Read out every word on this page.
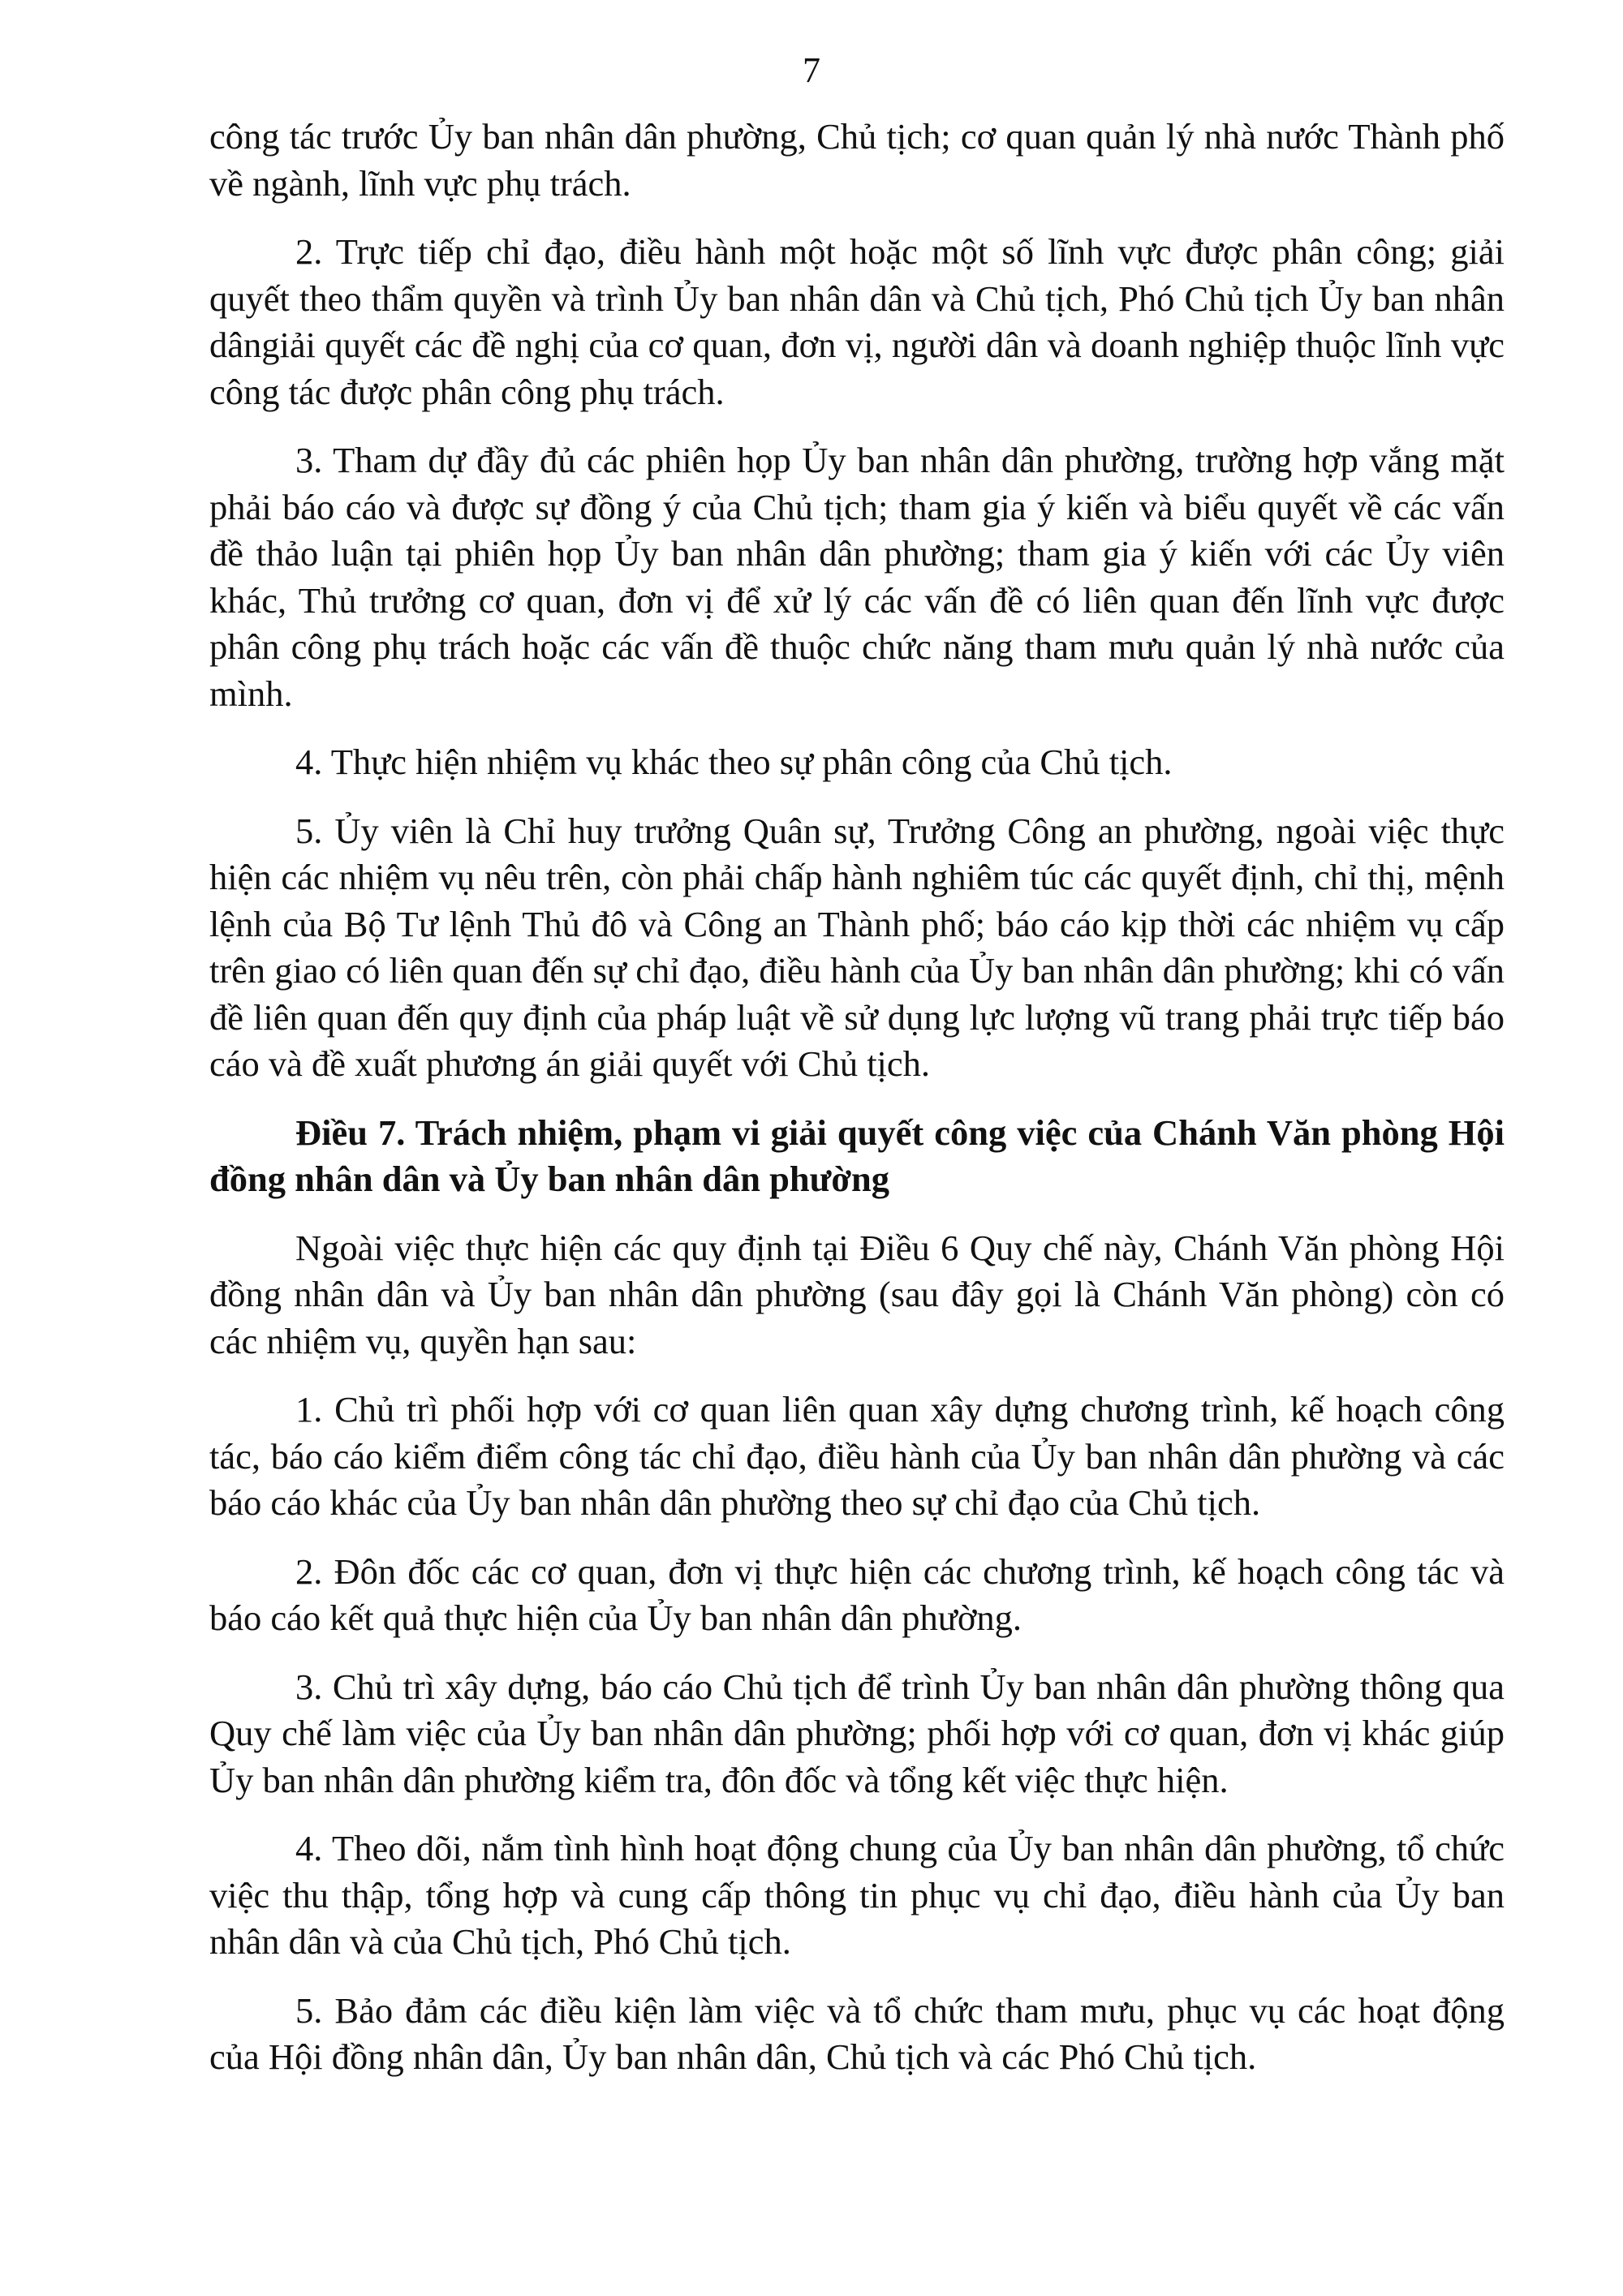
7

công tác trước Ủy ban nhân dân phường, Chủ tịch; cơ quan quản lý nhà nước Thành phố về ngành, lĩnh vực phụ trách.

2. Trực tiếp chỉ đạo, điều hành một hoặc một số lĩnh vực được phân công; giải quyết theo thẩm quyền và trình Ủy ban nhân dân và Chủ tịch, Phó Chủ tịch Ủy ban nhân dângiải quyết các đề nghị của cơ quan, đơn vị, người dân và doanh nghiệp thuộc lĩnh vực công tác được phân công phụ trách.

3. Tham dự đầy đủ các phiên họp Ủy ban nhân dân phường, trường hợp vắng mặt phải báo cáo và được sự đồng ý của Chủ tịch; tham gia ý kiến và biểu quyết về các vấn đề thảo luận tại phiên họp Ủy ban nhân dân phường; tham gia ý kiến với các Ủy viên khác, Thủ trưởng cơ quan, đơn vị để xử lý các vấn đề có liên quan đến lĩnh vực được phân công phụ trách hoặc các vấn đề thuộc chức năng tham mưu quản lý nhà nước của mình.

4. Thực hiện nhiệm vụ khác theo sự phân công của Chủ tịch.

5. Ủy viên là Chỉ huy trưởng Quân sự, Trưởng Công an phường, ngoài việc thực hiện các nhiệm vụ nêu trên, còn phải chấp hành nghiêm túc các quyết định, chỉ thị, mệnh lệnh của Bộ Tư lệnh Thủ đô và Công an Thành phố; báo cáo kịp thời các nhiệm vụ cấp trên giao có liên quan đến sự chỉ đạo, điều hành của Ủy ban nhân dân phường; khi có vấn đề liên quan đến quy định của pháp luật về sử dụng lực lượng vũ trang phải trực tiếp báo cáo và đề xuất phương án giải quyết với Chủ tịch.

Điều 7. Trách nhiệm, phạm vi giải quyết công việc của Chánh Văn phòng Hội đồng nhân dân và Ủy ban nhân dân phường

Ngoài việc thực hiện các quy định tại Điều 6 Quy chế này, Chánh Văn phòng Hội đồng nhân dân và Ủy ban nhân dân phường (sau đây gọi là Chánh Văn phòng) còn có các nhiệm vụ, quyền hạn sau:

1. Chủ trì phối hợp với cơ quan liên quan xây dựng chương trình, kế hoạch công tác, báo cáo kiểm điểm công tác chỉ đạo, điều hành của Ủy ban nhân dân phường và các báo cáo khác của Ủy ban nhân dân phường theo sự chỉ đạo của Chủ tịch.

2. Đôn đốc các cơ quan, đơn vị thực hiện các chương trình, kế hoạch công tác và báo cáo kết quả thực hiện của Ủy ban nhân dân phường.

3. Chủ trì xây dựng, báo cáo Chủ tịch để trình Ủy ban nhân dân phường thông qua Quy chế làm việc của Ủy ban nhân dân phường; phối hợp với cơ quan, đơn vị khác giúp Ủy ban nhân dân phường kiểm tra, đôn đốc và tổng kết việc thực hiện.

4. Theo dõi, nắm tình hình hoạt động chung của Ủy ban nhân dân phường, tổ chức việc thu thập, tổng hợp và cung cấp thông tin phục vụ chỉ đạo, điều hành của Ủy ban nhân dân và của Chủ tịch, Phó Chủ tịch.

5. Bảo đảm các điều kiện làm việc và tổ chức tham mưu, phục vụ các hoạt động của Hội đồng nhân dân, Ủy ban nhân dân, Chủ tịch và các Phó Chủ tịch.
